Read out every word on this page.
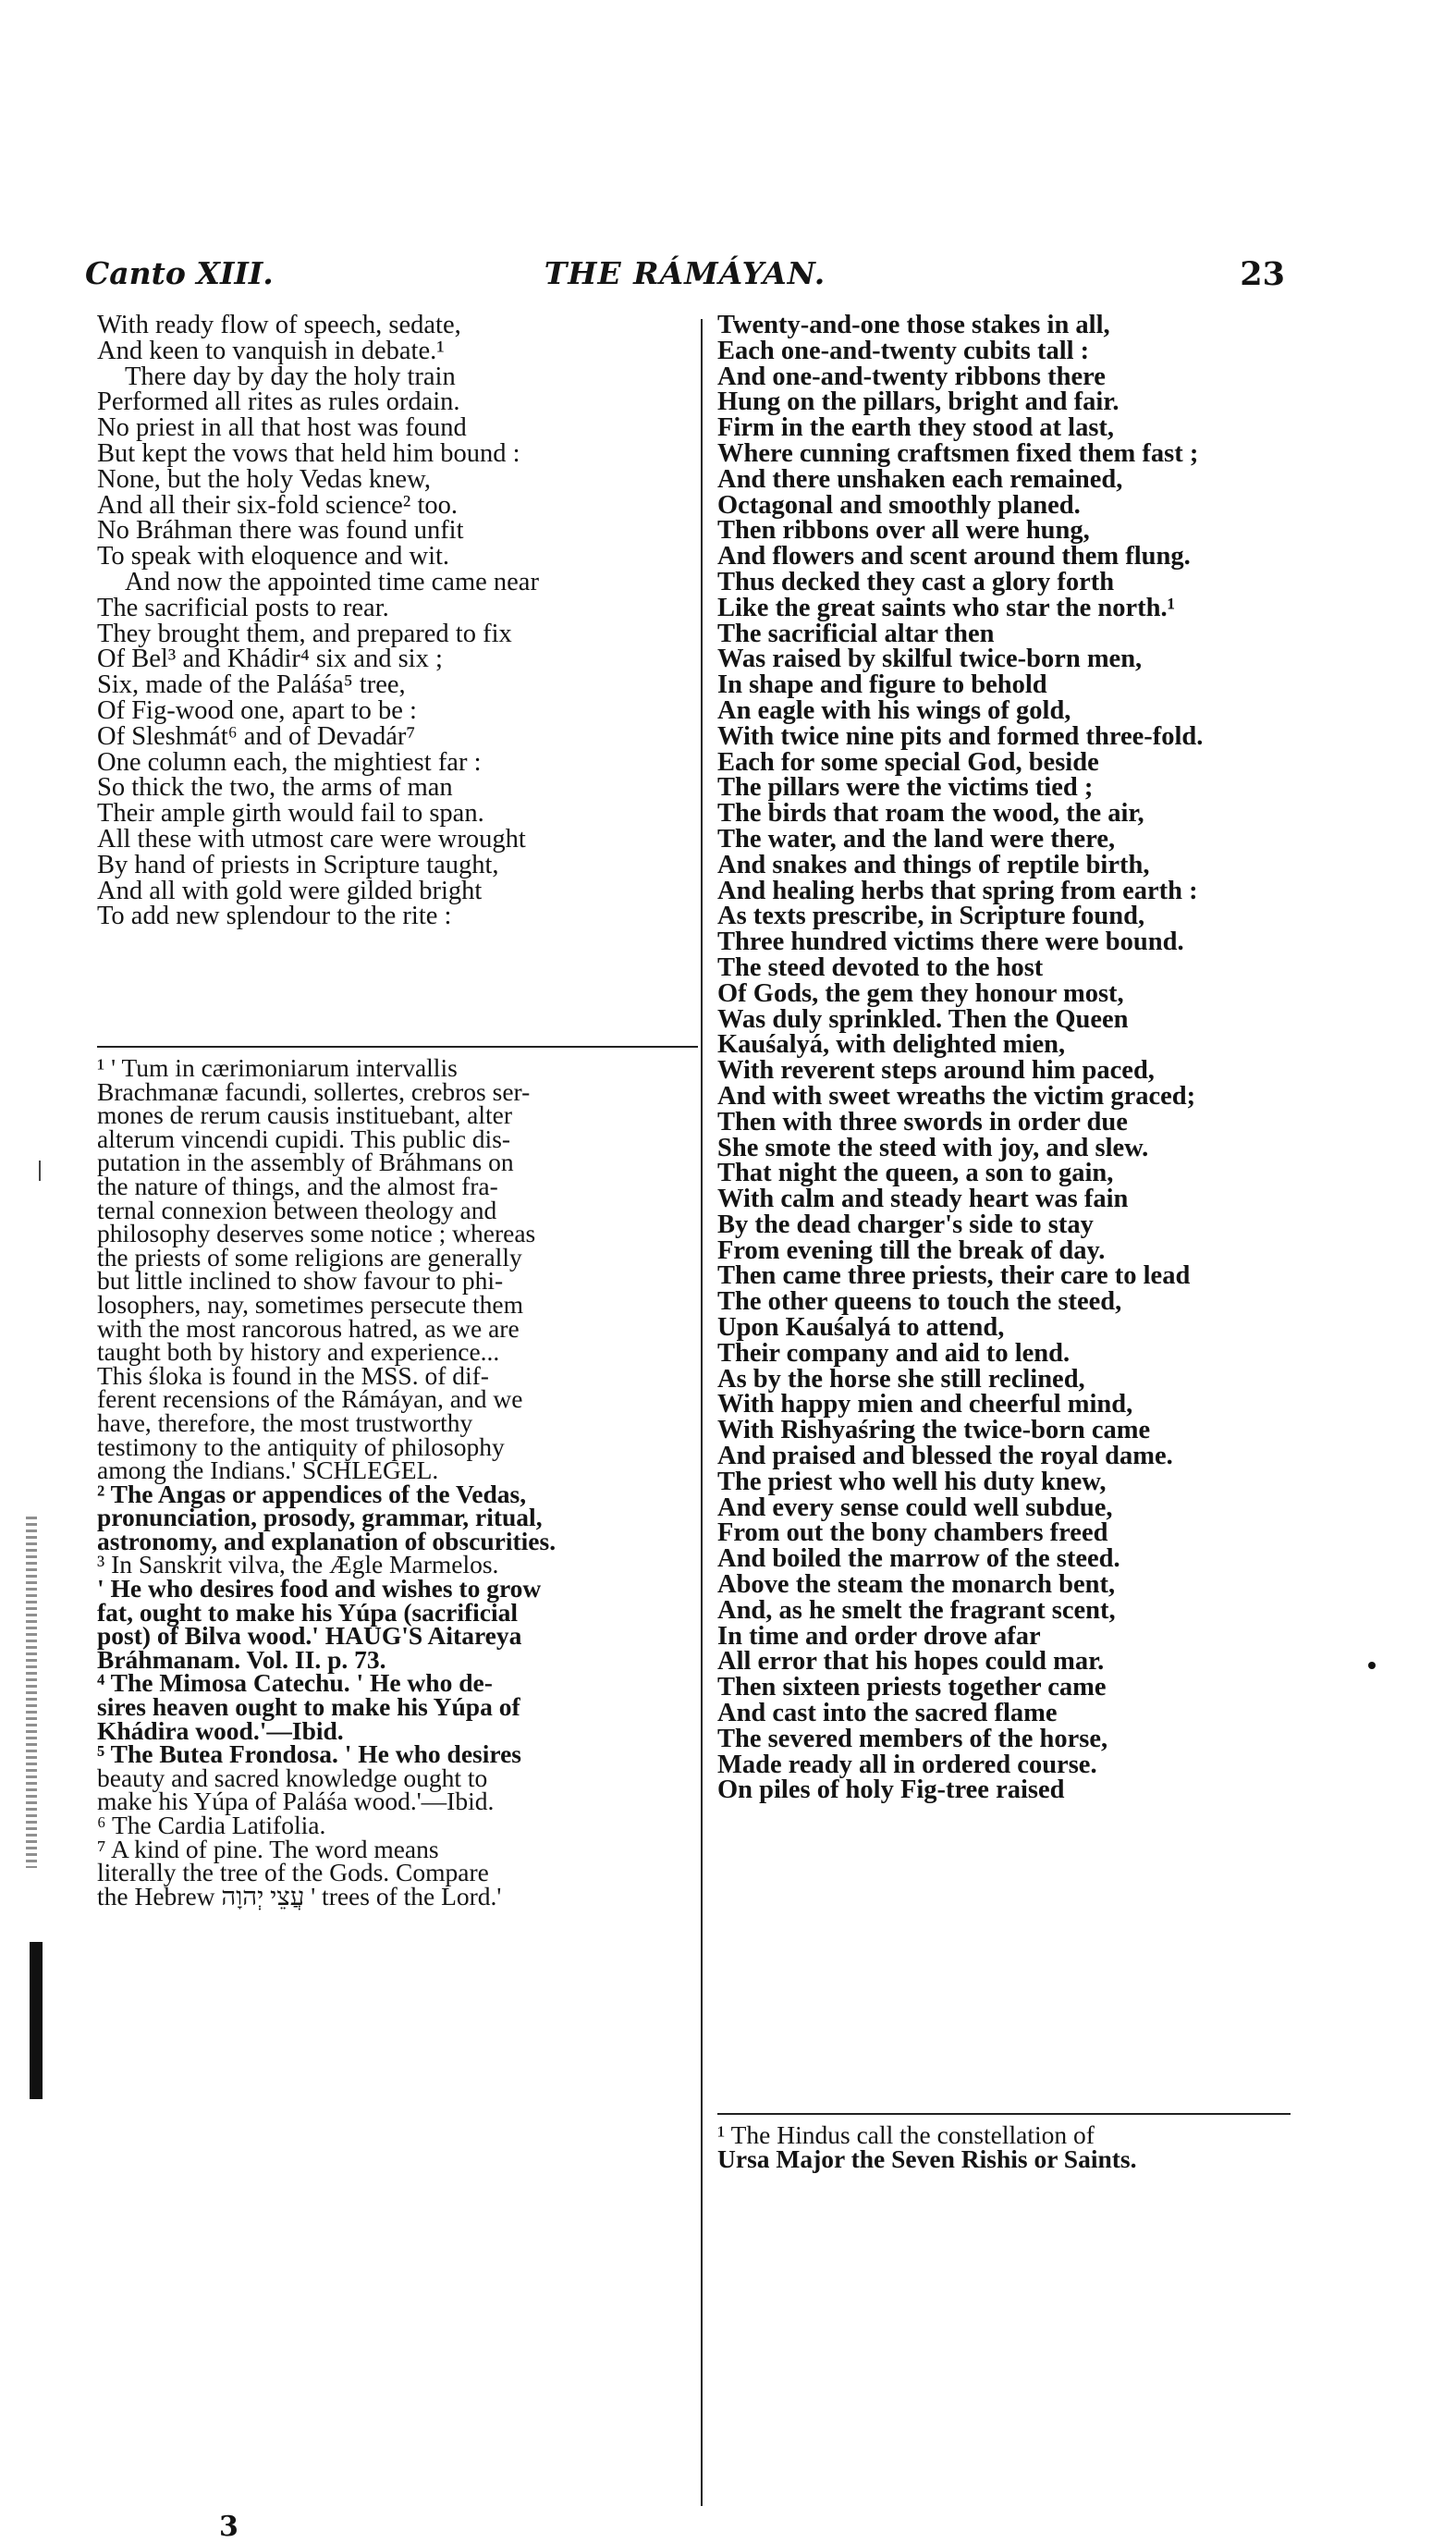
Canto XIII.	THE RÁMÁYAN.	23
With ready flow of speech, sedate,
And keen to vanquish in debate.¹
There day by day the holy train
Performed all rites as rules ordain.
No priest in all that host was found
But kept the vows that held him bound :
None, but the holy Vedas knew,
And all their six-fold science² too.
No Bráhman there was found unfit
To speak with eloquence and wit.
And now the appointed time came near
The sacrificial posts to rear.
They brought them, and prepared to fix
Of Bel³ and Khádir⁴ six and six ;
Six, made of the Paláśa⁵ tree,
Of Fig-wood one, apart to be :
Of Sleshmát⁶ and of Devadár⁷
One column each, the mightiest far :
So thick the two, the arms of man
Their ample girth would fail to span.
All these with utmost care were wrought
By hand of priests in Scripture taught,
And all with gold were gilded bright
To add new splendour to the rite :
Twenty-and-one those stakes in all,
Each one-and-twenty cubits tall :
And one-and-twenty ribbons there
Hung on the pillars, bright and fair.
Firm in the earth they stood at last,
Where cunning craftsmen fixed them fast ;
And there unshaken each remained,
Octagonal and smoothly planed.
Then ribbons over all were hung,
And flowers and scent around them flung.
Thus decked they cast a glory forth
Like the great saints who star the north.¹
The sacrificial altar then
Was raised by skilful twice-born men,
In shape and figure to behold
An eagle with his wings of gold,
With twice nine pits and formed three-fold.
Each for some special God, beside
The pillars were the victims tied ;
The birds that roam the wood, the air,
The water, and the land were there,
And snakes and things of reptile birth,
And healing herbs that spring from earth :
As texts prescribe, in Scripture found,
Three hundred victims there were bound.
The steed devoted to the host
Of Gods, the gem they honour most,
Was duly sprinkled. Then the Queen
Kauśalyá, with delighted mien,
With reverent steps around him paced,
And with sweet wreaths the victim graced;
Then with three swords in order due
She smote the steed with joy, and slew.
That night the queen, a son to gain,
With calm and steady heart was fain
By the dead charger's side to stay
From evening till the break of day.
Then came three priests, their care to lead
The other queens to touch the steed,
Upon Kauśalyá to attend,
Their company and aid to lend.
As by the horse she still reclined,
With happy mien and cheerful mind,
With Rishyaśring the twice-born came
And praised and blessed the royal dame.
The priest who well his duty knew,
And every sense could well subdue,
From out the bony chambers freed
And boiled the marrow of the steed.
Above the steam the monarch bent,
And, as he smelt the fragrant scent,
In time and order drove afar
All error that his hopes could mar.
Then sixteen priests together came
And cast into the sacred flame
The severed members of the horse,
Made ready all in ordered course.
On piles of holy Fig-tree raised
¹ ' Tum in cærimoniarum intervallis
Brachmanæ facundi, sollertes, crebros ser-
mones de rerum causis instituebant, alter
alterum vincendi cupidi. This public dis-
putation in the assembly of Bráhmans on
the nature of things, and the almost fra-
ternal connexion between theology and
philosophy deserves some notice ; whereas
the priests of some religions are generally
but little inclined to show favour to phi-
losophers, nay, sometimes persecute them
with the most rancorous hatred, as we are
taught both by history and experience...
This śloka is found in the MSS. of dif-
ferent recensions of the Rámáyan, and we
have, therefore, the most trustworthy
testimony to the antiquity of philosophy
among the Indians.' SCHLEGEL.
² The Angas or appendices of the Vedas,
pronunciation, prosody, grammar, ritual,
astronomy, and explanation of obscurities.
³ In Sanskrit vilva, the Ægle Marmelos.
' He who desires food and wishes to grow
fat, ought to make his Yúpa (sacrificial
post) of Bilva wood.' HAUG'S Aitareya
Bráhmanam. Vol. II. p. 73.
⁴ The Mimosa Catechu. ' He who de-
sires heaven ought to make his Yúpa of
Khádira wood.'—Ibid.
⁵ The Butea Frondosa. ' He who desires
beauty and sacred knowledge ought to
make his Yúpa of Paláśa wood.'—Ibid.
⁶ The Cardia Latifolia.
⁷ A kind of pine. The word means
literally the tree of the Gods. Compare
the Hebrew עֲצֵי יְהוָה ' trees of the Lord.'
¹ The Hindus call the constellation of
Ursa Major the Seven Rishis or Saints.
3
